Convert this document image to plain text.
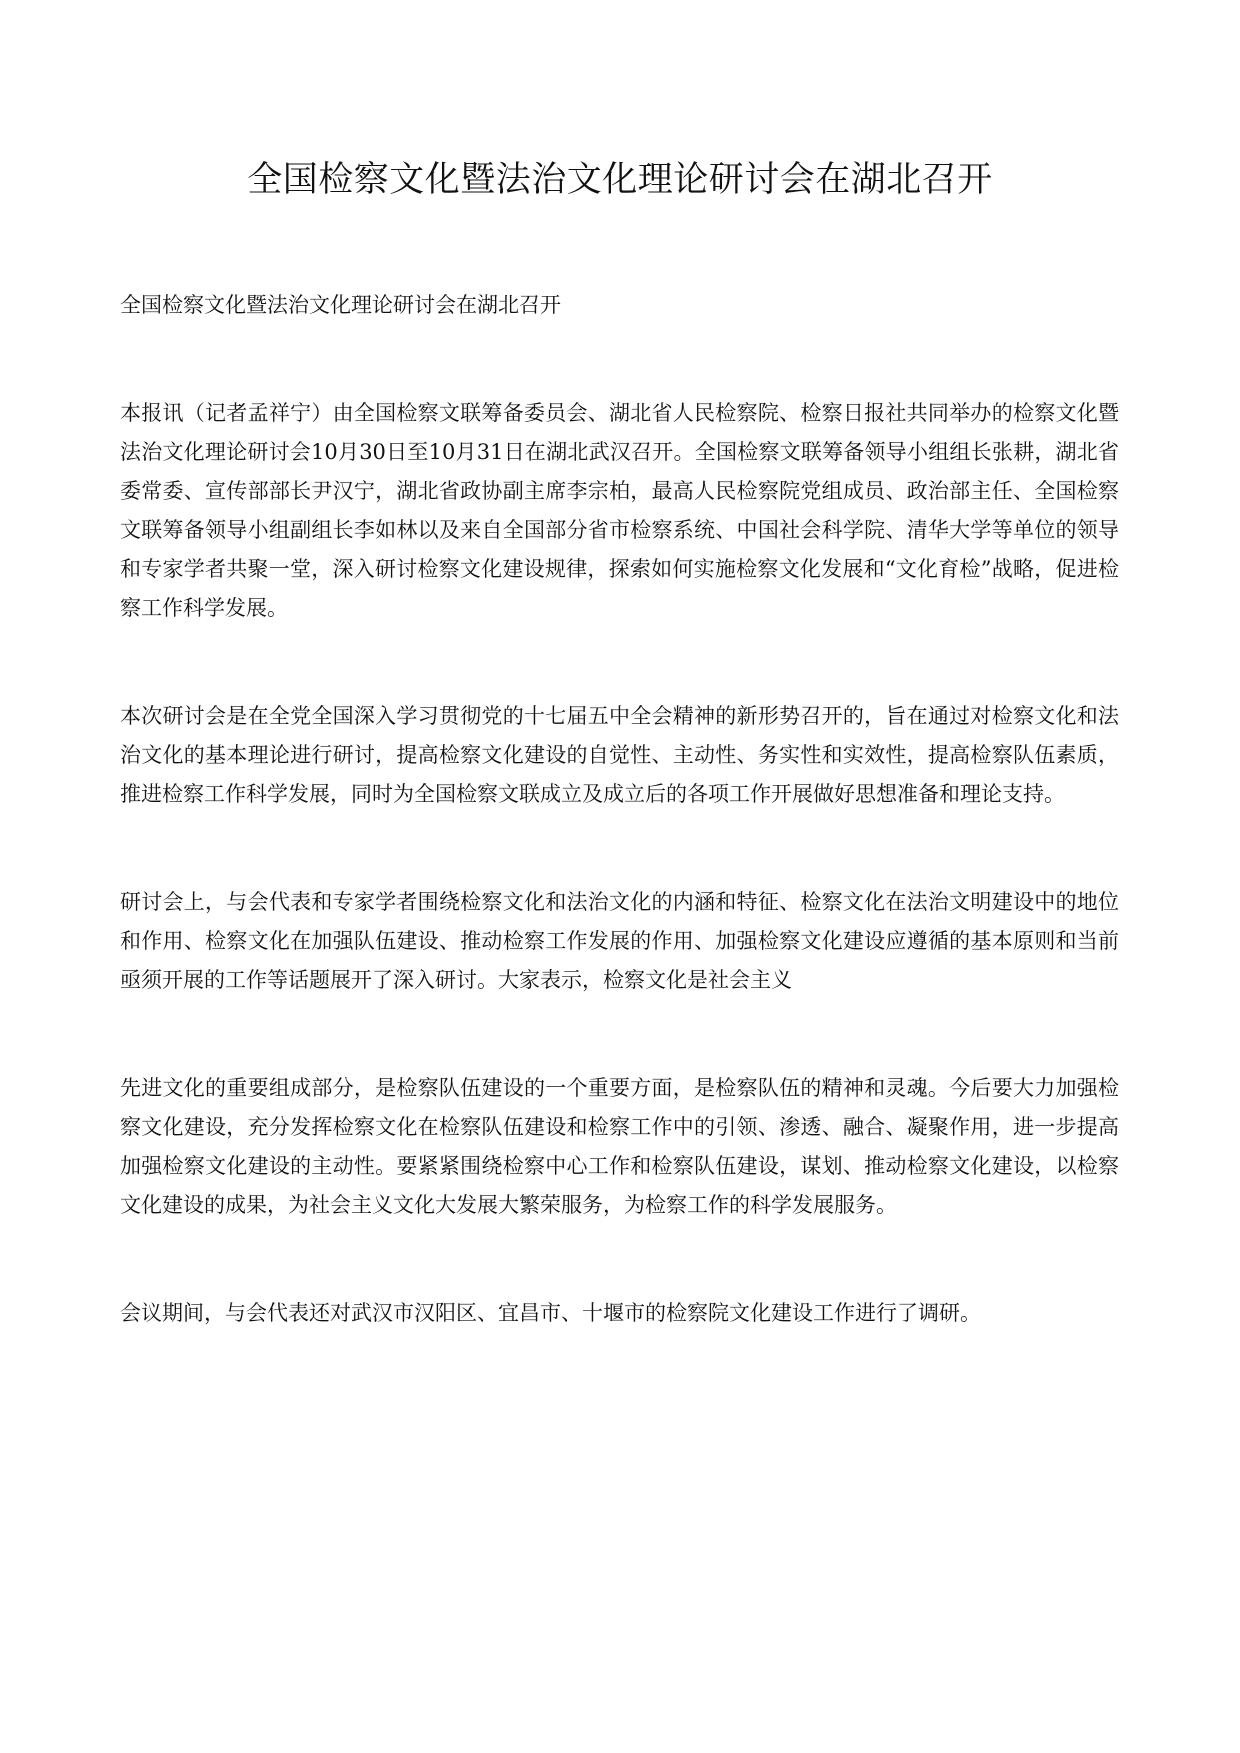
全国检察文化暨法治文化理论研讨会在湖北召开

全国检察文化暨法治文化理论研讨会在湖北召开

本报讯（记者孟祥宁）由全国检察文联筹备委员会、湖北省人民检察院、检察日报社共同举办的检察文化暨法治文化理论研讨会10月30日至10月31日在湖北武汉召开。全国检察文联筹备领导小组组长张耕，湖北省委常委、宣传部部长尹汉宁，湖北省政协副主席李宗柏，最高人民检察院党组成员、政治部主任、全国检察文联筹备领导小组副组长李如林以及来自全国部分省市检察系统、中国社会科学院、清华大学等单位的领导和专家学者共聚一堂，深入研讨检察文化建设规律，探索如何实施检察文化发展和“文化育检”战略，促进检察工作科学发展。

本次研讨会是在全党全国深入学习贯彻党的十七届五中全会精神的新形势召开的，旨在通过对检察文化和法治文化的基本理论进行研讨，提高检察文化建设的自觉性、主动性、务实性和实效性，提高检察队伍素质，推进检察工作科学发展，同时为全国检察文联成立及成立后的各项工作开展做好思想准备和理论支持。

研讨会上，与会代表和专家学者围绕检察文化和法治文化的内涵和特征、检察文化在法治文明建设中的地位和作用、检察文化在加强队伍建设、推动检察工作发展的作用、加强检察文化建设应遵循的基本原则和当前亟须开展的工作等话题展开了深入研讨。大家表示，检察文化是社会主义

先进文化的重要组成部分，是检察队伍建设的一个重要方面，是检察队伍的精神和灵魂。今后要大力加强检察文化建设，充分发挥检察文化在检察队伍建设和检察工作中的引领、渗透、融合、凝聚作用，进一步提高加强检察文化建设的主动性。要紧紧围绕检察中心工作和检察队伍建设，谋划、推动检察文化建设，以检察文化建设的成果，为社会主义文化大发展大繁荣服务，为检察工作的科学发展服务。

会议期间，与会代表还对武汉市汉阳区、宜昌市、十堰市的检察院文化建设工作进行了调研。
